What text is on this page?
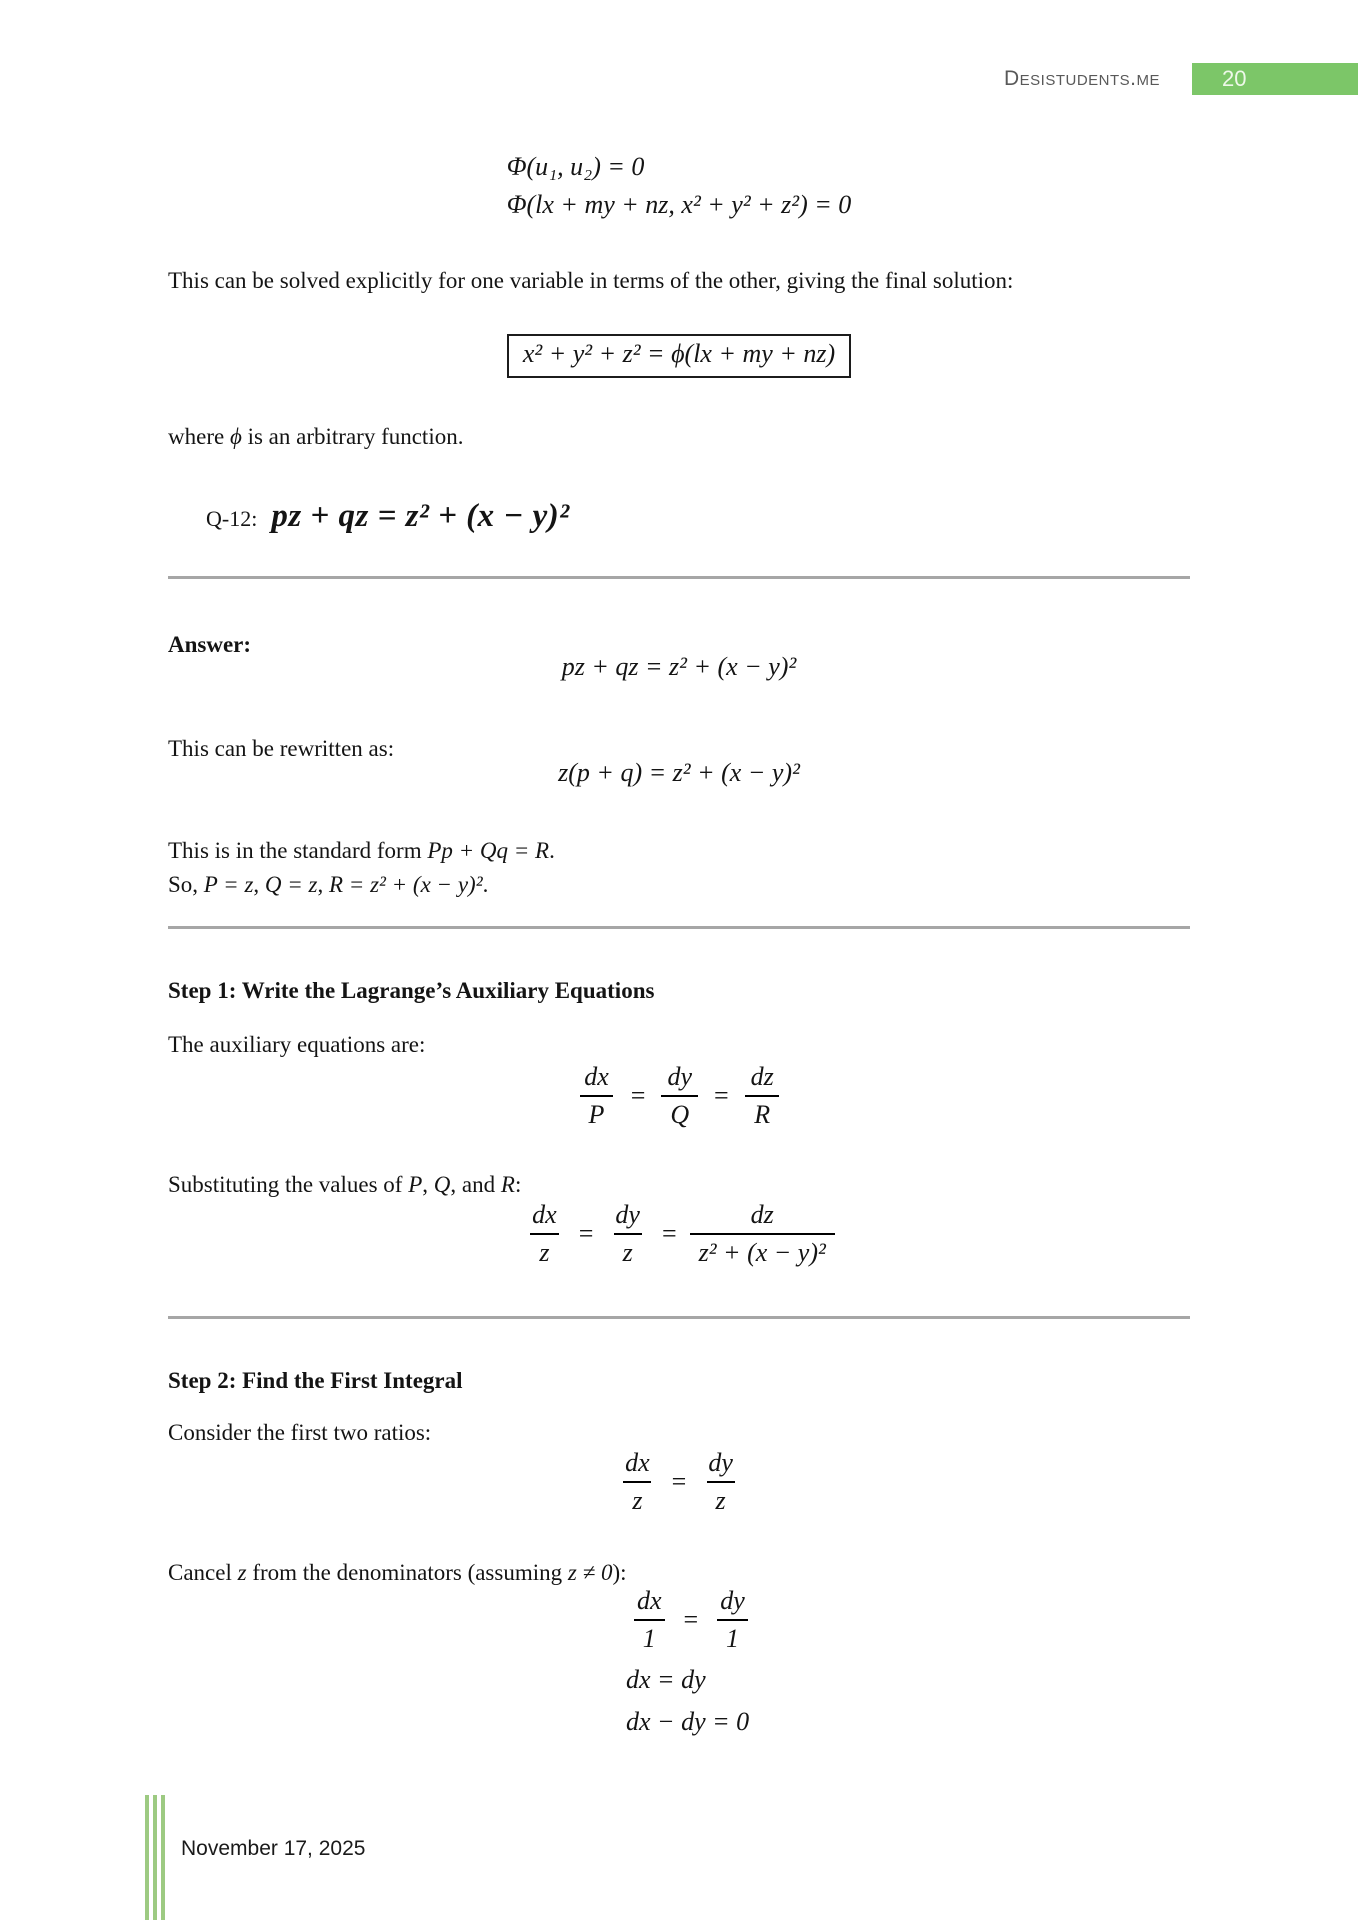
Desistudents.me	20
Φ(u₁, u₂) = 0
Φ(lx + my + nz, x² + y² + z²) = 0

This can be solved explicitly for one variable in terms of the other, giving the final solution:

x² + y² + z² = ϕ(lx + my + nz)

where ϕ is an arbitrary function.

Q-12: pz + qz = z² + (x − y)²

Answer:

pz + qz = z² + (x − y)²

This can be rewritten as:

z(p + q) = z² + (x − y)²

This is in the standard form Pp + Qq = R.

So, P = z, Q = z, R = z² + (x − y)².

Step 1: Write the Lagrange’s Auxiliary Equations

The auxiliary equations are:

$\frac{dx}{P} = \frac{dy}{Q} = \frac{dz}{R}$

Substituting the values of P, Q, and R:

$\frac{dx}{z} = \frac{dy}{z} = \frac{dz}{\text{z² + (x − y)²}}$

Step 2: Find the First Integral

Consider the first two ratios:

$\frac{dx}{z} = \frac{dy}{z}$

Cancel z from the denominators (assuming z ≠ 0):

$\frac{dx}{1} = \frac{dy}{1}$
dx = dy
dx − dy = 0
November 17, 2025
